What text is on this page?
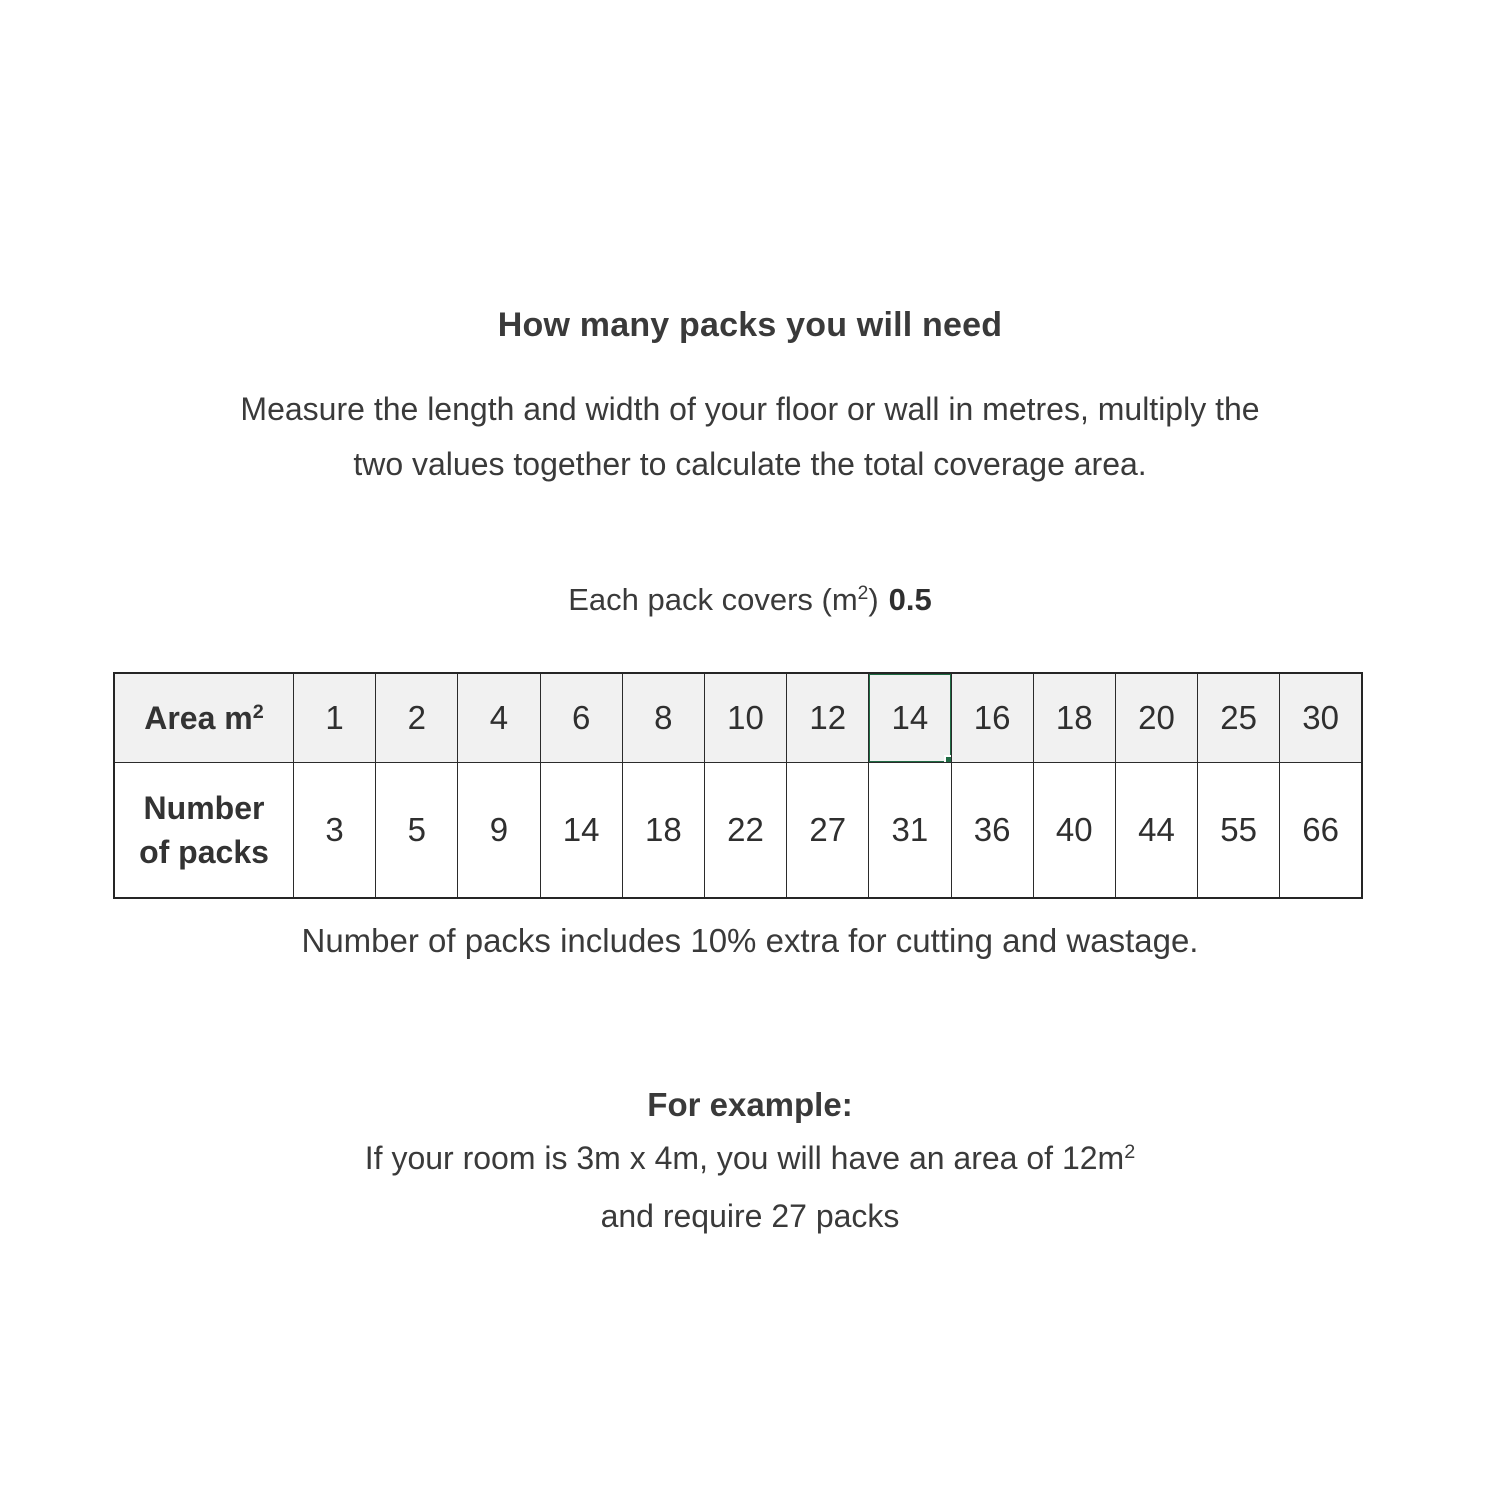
How many packs you will need
Measure the length and width of your floor or wall in metres, multiply the
two values together to calculate the total coverage area.
Each pack covers $(m^2)$ 0.5
Area $m^2$	1	2	4	6	8	10	12	14	16	18	20	25	30

Number
of packs	3	5	9	14	18	22	27	31	36	40	44	55	66
Number of packs includes 10% extra for cutting and wastage.
For example:
If your room is 3m x 4m, you will have an area of $12m^2$
and require 27 packs
